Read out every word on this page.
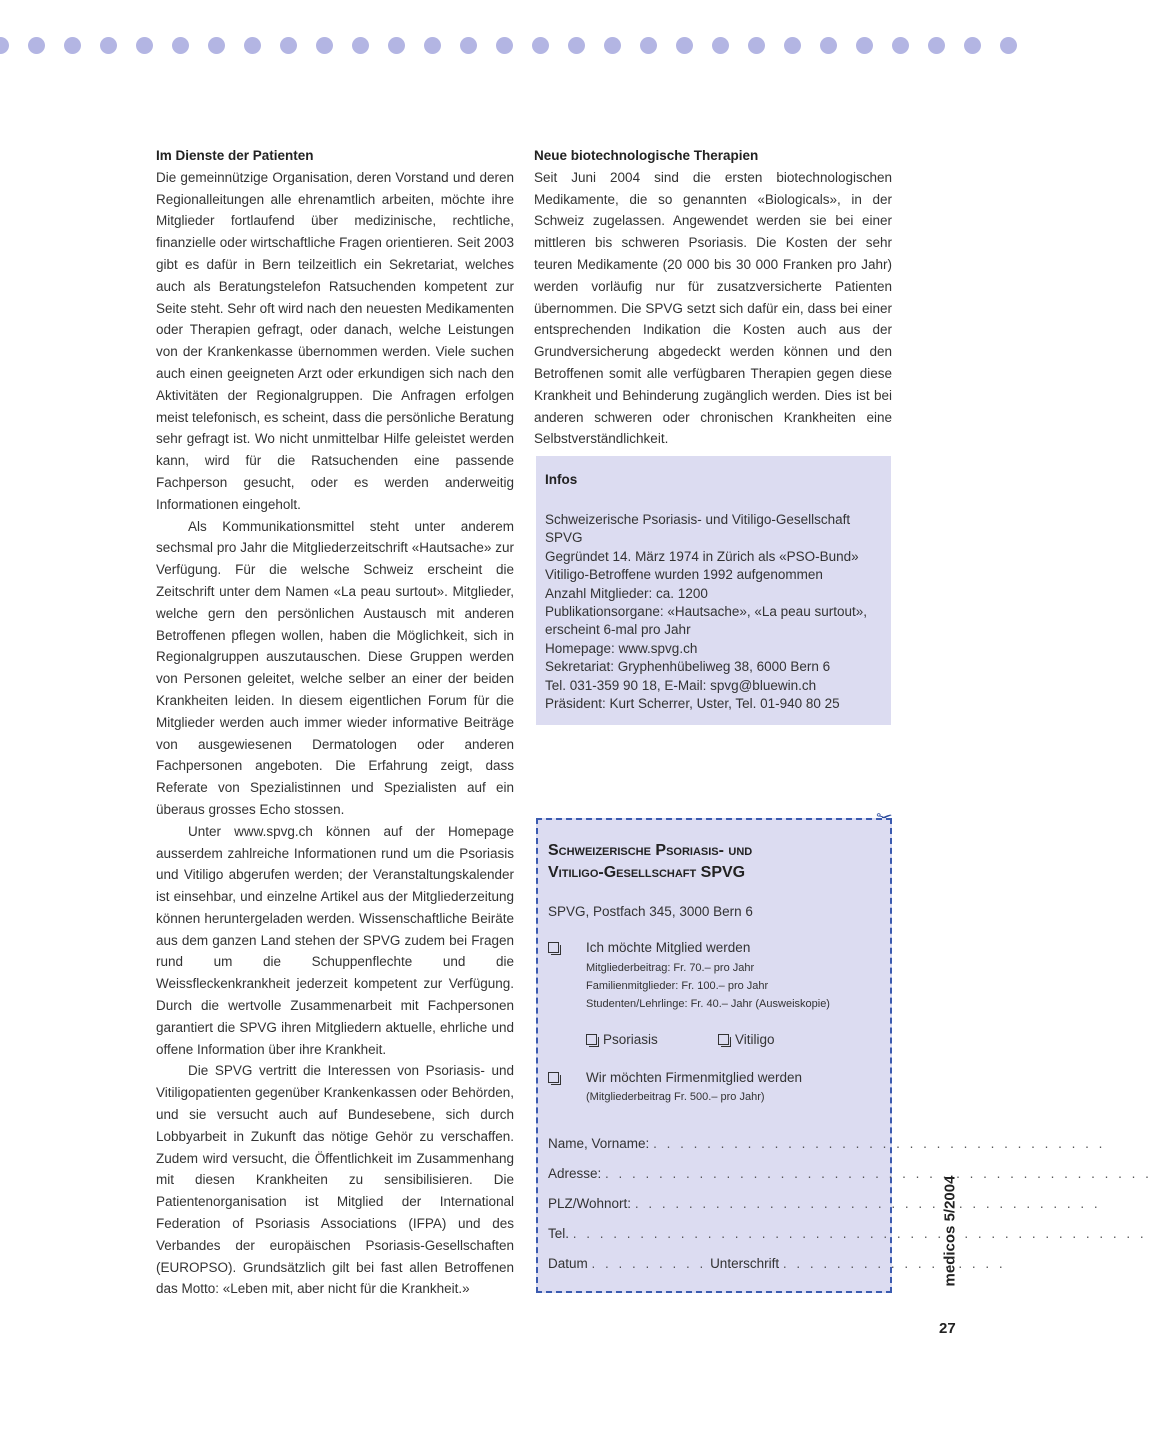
Im Dienste der Patienten

Die gemeinnützige Organisation, deren Vorstand und deren Regionalleitungen alle ehrenamtlich arbeiten, möchte ihre Mitglieder fortlaufend über medizinische, rechtliche, finanzielle oder wirtschaftliche Fragen orientieren. Seit 2003 gibt es dafür in Bern teilzeitlich ein Sekretariat, welches auch als Beratungstelefon Ratsuchenden kompetent zur Seite steht. Sehr oft wird nach den neuesten Medikamenten oder Therapien gefragt, oder danach, welche Leistungen von der Krankenkasse übernommen werden. Viele suchen auch einen geeigneten Arzt oder erkundigen sich nach den Aktivitäten der Regionalgruppen. Die Anfragen erfolgen meist telefonisch, es scheint, dass die persönliche Beratung sehr gefragt ist. Wo nicht unmittelbar Hilfe geleistet werden kann, wird für die Ratsuchenden eine passende Fachperson gesucht, oder es werden anderweitig Informationen eingeholt.

Als Kommunikationsmittel steht unter anderem sechsmal pro Jahr die Mitgliederzeitschrift «Hautsache» zur Verfügung. Für die welsche Schweiz erscheint die Zeitschrift unter dem Namen «La peau surtout». Mitglieder, welche gern den persönlichen Austausch mit anderen Betroffenen pflegen wollen, haben die Möglichkeit, sich in Regionalgruppen auszutauschen. Diese Gruppen werden von Personen geleitet, welche selber an einer der beiden Krankheiten leiden. In diesem eigentlichen Forum für die Mitglieder werden auch immer wieder informative Beiträge von ausgewiesenen Dermatologen oder anderen Fachpersonen angeboten. Die Erfahrung zeigt, dass Referate von Spezialistinnen und Spezialisten auf ein überaus grosses Echo stossen.

Unter www.spvg.ch können auf der Homepage ausserdem zahlreiche Informationen rund um die Psoriasis und Vitiligo abgerufen werden; der Veranstaltungskalender ist einsehbar, und einzelne Artikel aus der Mitgliederzeitung können heruntergeladen werden. Wissenschaftliche Beiräte aus dem ganzen Land stehen der SPVG zudem bei Fragen rund um die Schuppenflechte und die Weissfleckenkrankheit jederzeit kompetent zur Verfügung. Durch die wertvolle Zusammenarbeit mit Fachpersonen garantiert die SPVG ihren Mitgliedern aktuelle, ehrliche und offene Information über ihre Krankheit.

Die SPVG vertritt die Interessen von Psoriasis- und Vitiligopatienten gegenüber Krankenkassen oder Behörden, und sie versucht auch auf Bundesebene, sich durch Lobbyarbeit in Zukunft das nötige Gehör zu verschaffen. Zudem wird versucht, die Öffentlichkeit im Zusammenhang mit diesen Krankheiten zu sensibilisieren. Die Patientenorganisation ist Mitglied der International Federation of Psoriasis Associations (IFPA) und des Verbandes der europäischen Psoriasis-Gesellschaften (EUROPSO). Grundsätzlich gilt bei fast allen Betroffenen das Motto: «Leben mit, aber nicht für die Krankheit.»

Neue biotechnologische Therapien

Seit Juni 2004 sind die ersten biotechnologischen Medikamente, die so genannten «Biologicals», in der Schweiz zugelassen. Angewendet werden sie bei einer mittleren bis schweren Psoriasis. Die Kosten der sehr teuren Medikamente (20 000 bis 30 000 Franken pro Jahr) werden vorläufig nur für zusatzversicherte Patienten übernommen. Die SPVG setzt sich dafür ein, dass bei einer entsprechenden Indikation die Kosten auch aus der Grundversicherung abgedeckt werden können und den Betroffenen somit alle verfügbaren Therapien gegen diese Krankheit und Behinderung zugänglich werden. Dies ist bei anderen schweren oder chronischen Krankheiten eine Selbstverständlichkeit.

Infos
Schweizerische Psoriasis- und Vitiligo-Gesellschaft SPVG
Gegründet 14. März 1974 in Zürich als «PSO-Bund»
Vitiligo-Betroffene wurden 1992 aufgenommen
Anzahl Mitglieder: ca. 1200
Publikationsorgane: «Hautsache», «La peau surtout», erscheint 6-mal pro Jahr
Homepage: www.spvg.ch
Sekretariat: Gryphenhübeliweg 38, 6000 Bern 6
Tel. 031-359 90 18, E-Mail: spvg@bluewin.ch
Präsident: Kurt Scherrer, Uster, Tel. 01-940 80 25
Schweizerische Psoriasis- und
Vitiligo-Gesellschaft SPVG
SPVG, Postfach 345, 3000 Bern 6
Ich möchte Mitglied werden
Mitgliederbeitrag: Fr. 70.– pro Jahr
Familienmitglieder: Fr. 100.– pro Jahr
Studenten/Lehrlinge: Fr. 40.– Jahr (Ausweiskopie)
Psoriasis	Vitiligo
Wir möchten Firmenmitglied werden
(Mitgliederbeitrag Fr. 500.– pro Jahr)
Name, Vorname: . . . . . . . . . . . . . . . . . . . . . . . . . . . . . . . . . .
Adresse: . . . . . . . . . . . . . . . . . . . . . . . . . . . . . . . . . . . . . . . . .
PLZ/Wohnort: . . . . . . . . . . . . . . . . . . . . . . . . . . . . . . . . . . .
Tel. . . . . . . . . . . . . . . . . . . . . . . . . . . . . . . . . . . . . . . . . . . .
Datum . . . . . . . . . Unterschrift . . . . . . . . . . . . . . . . .
medicos 5/2004
27
